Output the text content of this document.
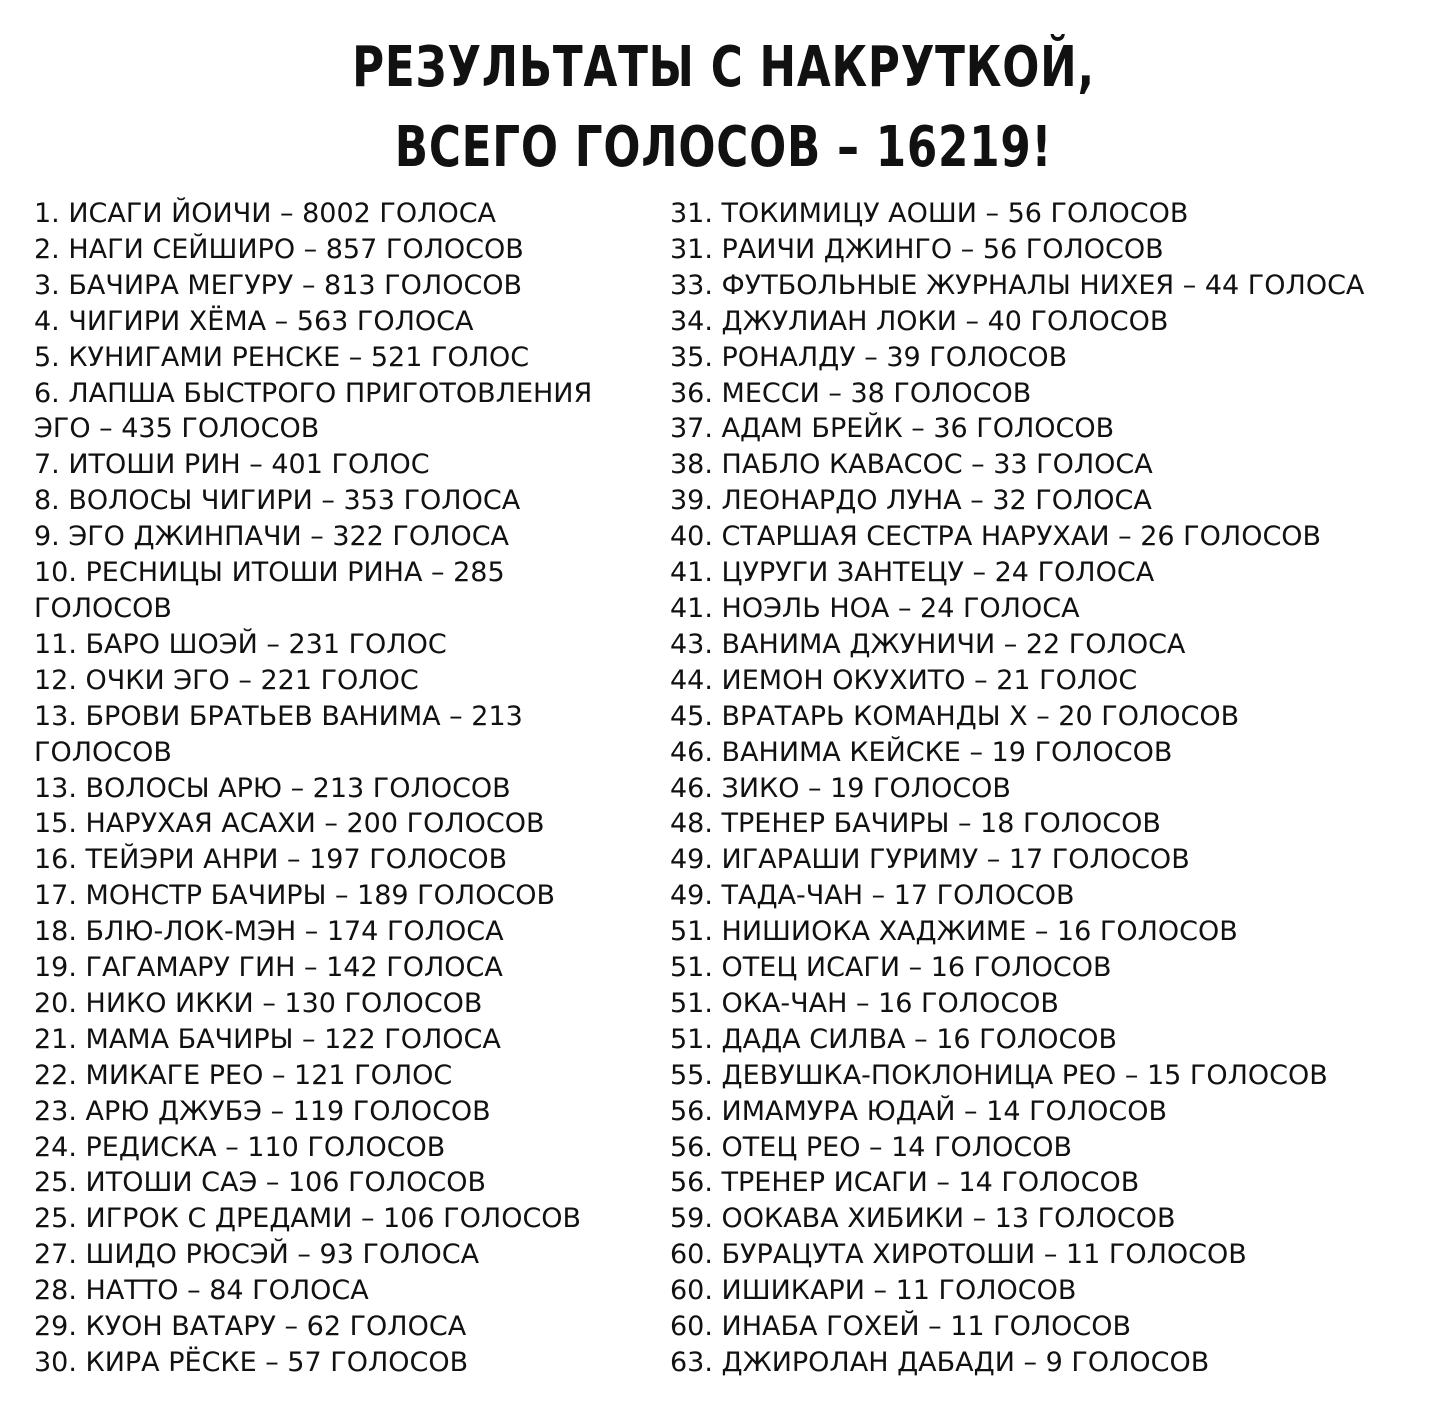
РЕЗУЛЬТАТЫ С НАКРУТКОЙ,
ВСЕГО ГОЛОСОВ – 16219!
1. ИСАГИ ЙОИЧИ – 8002 ГОЛОСА
2. НАГИ СЕЙШИРО – 857 ГОЛОСОВ
3. БАЧИРА МЕГУРУ – 813 ГОЛОСОВ
4. ЧИГИРИ ХЁМА – 563 ГОЛОСА
5. КУНИГАМИ РЕНСКЕ – 521 ГОЛОС
6. ЛАПША БЫСТРОГО ПРИГОТОВЛЕНИЯ
ЭГО – 435 ГОЛОСОВ
7. ИТОШИ РИН – 401 ГОЛОС
8. ВОЛОСЫ ЧИГИРИ – 353 ГОЛОСА
9. ЭГО ДЖИНПАЧИ – 322 ГОЛОСА
10. РЕСНИЦЫ ИТОШИ РИНА – 285
ГОЛОСОВ
11. БАРО ШОЭЙ – 231 ГОЛОС
12. ОЧКИ ЭГО – 221 ГОЛОС
13. БРОВИ БРАТЬЕВ ВАНИМА – 213
ГОЛОСОВ
13. ВОЛОСЫ АРЮ – 213 ГОЛОСОВ
15. НАРУХАЯ АСАХИ – 200 ГОЛОСОВ
16. ТЕЙЭРИ АНРИ – 197 ГОЛОСОВ
17. МОНСТР БАЧИРЫ – 189 ГОЛОСОВ
18. БЛЮ-ЛОК-МЭН – 174 ГОЛОСА
19. ГАГАМАРУ ГИН – 142 ГОЛОСА
20. НИКО ИККИ – 130 ГОЛОСОВ
21. МАМА БАЧИРЫ – 122 ГОЛОСА
22. МИКАГЕ РЕО – 121 ГОЛОС
23. АРЮ ДЖУБЭ – 119 ГОЛОСОВ
24. РЕДИСКА – 110 ГОЛОСОВ
25. ИТОШИ САЭ – 106 ГОЛОСОВ
25. ИГРОК С ДРЕДАМИ – 106 ГОЛОСОВ
27. ШИДО РЮСЭЙ – 93 ГОЛОСА
28. НАТТО – 84 ГОЛОСА
29. КУОН ВАТАРУ – 62 ГОЛОСА
30. КИРА РЁСКЕ – 57 ГОЛОСОВ
31. ТОКИМИЦУ АОШИ – 56 ГОЛОСОВ
31. РАИЧИ ДЖИНГО – 56 ГОЛОСОВ
33. ФУТБОЛЬНЫЕ ЖУРНАЛЫ НИХЕЯ – 44 ГОЛОСА
34. ДЖУЛИАН ЛОКИ – 40 ГОЛОСОВ
35. РОНАЛДУ – 39 ГОЛОСОВ
36. МЕССИ – 38 ГОЛОСОВ
37. АДАМ БРЕЙК – 36 ГОЛОСОВ
38. ПАБЛО КАВАСОС – 33 ГОЛОСА
39. ЛЕОНАРДО ЛУНА – 32 ГОЛОСА
40. СТАРШАЯ СЕСТРА НАРУХАИ – 26 ГОЛОСОВ
41. ЦУРУГИ ЗАНТЕЦУ – 24 ГОЛОСА
41. НОЭЛЬ НОА – 24 ГОЛОСА
43. ВАНИМА ДЖУНИЧИ – 22 ГОЛОСА
44. ИЕМОН ОКУХИТО – 21 ГОЛОС
45. ВРАТАРЬ КОМАНДЫ Х – 20 ГОЛОСОВ
46. ВАНИМА КЕЙСКЕ – 19 ГОЛОСОВ
46. ЗИКО – 19 ГОЛОСОВ
48. ТРЕНЕР БАЧИРЫ – 18 ГОЛОСОВ
49. ИГАРАШИ ГУРИМУ – 17 ГОЛОСОВ
49. ТАДА-ЧАН – 17 ГОЛОСОВ
51. НИШИОКА ХАДЖИМЕ – 16 ГОЛОСОВ
51. ОТЕЦ ИСАГИ – 16 ГОЛОСОВ
51. ОКА-ЧАН – 16 ГОЛОСОВ
51. ДАДА СИЛВА – 16 ГОЛОСОВ
55. ДЕВУШКА-ПОКЛОНИЦА РЕО – 15 ГОЛОСОВ
56. ИМАМУРА ЮДАЙ – 14 ГОЛОСОВ
56. ОТЕЦ РЕО – 14 ГОЛОСОВ
56. ТРЕНЕР ИСАГИ – 14 ГОЛОСОВ
59. ООКАВА ХИБИКИ – 13 ГОЛОСОВ
60. БУРАЦУТА ХИРОТОШИ – 11 ГОЛОСОВ
60. ИШИКАРИ – 11 ГОЛОСОВ
60. ИНАБА ГОХЕЙ – 11 ГОЛОСОВ
63. ДЖИРОЛАН ДАБАДИ – 9 ГОЛОСОВ
